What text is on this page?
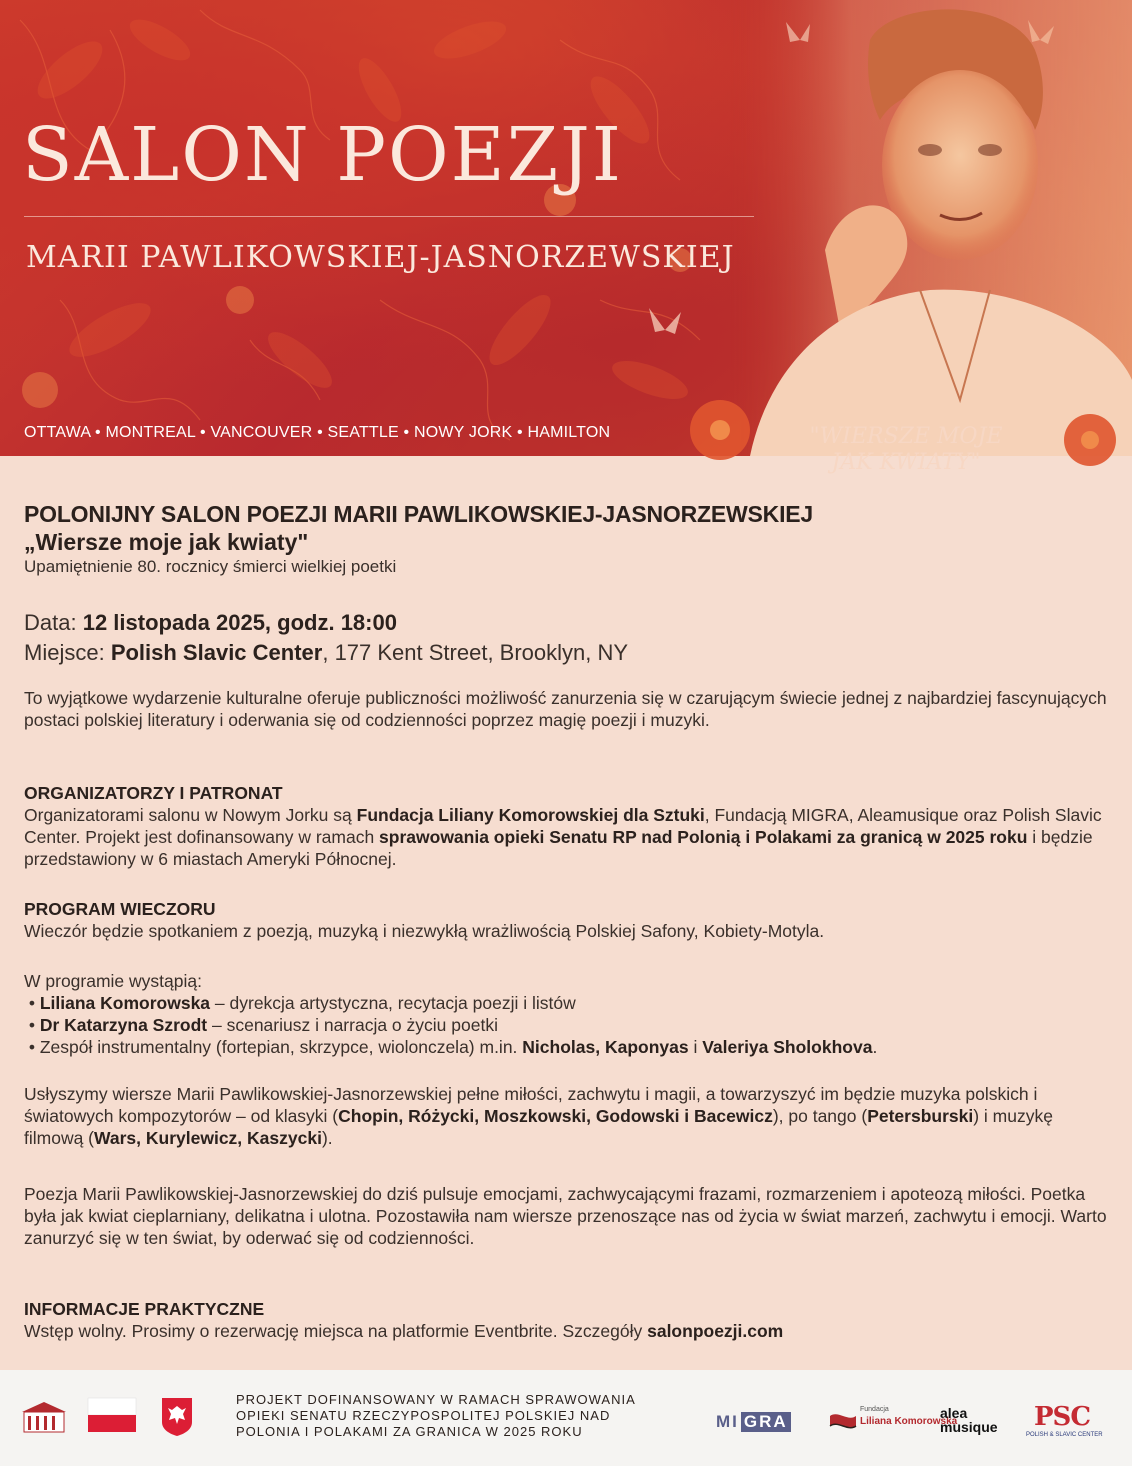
SALON POEZJI
MARII PAWLIKOWSKIEJ-JASNORZEWSKIEJ
OTTAWA • MONTREAL • VANCOUVER • SEATTLE • NOWY JORK • HAMILTON	"WIERSZE MOJE
JAK KWIATY"
POLONIJNY SALON POEZJI MARII PAWLIKOWSKIEJ-JASNORZEWSKIEJ
„Wiersze moje jak kwiaty"
Upamiętnienie 80. rocznicy śmierci wielkiej poetki
Data: 12 listopada 2025, godz. 18:00
Miejsce: Polish Slavic Center, 177 Kent Street, Brooklyn, NY
To wyjątkowe wydarzenie kulturalne oferuje publiczności możliwość zanurzenia się w czarującym świecie jednej z najbardziej fascynujących postaci polskiej literatury i oderwania się od codzienności poprzez magię poezji i muzyki.
ORGANIZATORZY I PATRONAT
Organizatorami salonu w Nowym Jorku są Fundacja Liliany Komorowskiej dla Sztuki, Fundacją MIGRA, Aleamusique oraz Polish Slavic Center. Projekt jest dofinansowany w ramach sprawowania opieki Senatu RP nad Polonią i Polakami za granicą w 2025 roku i będzie przedstawiony w 6 miastach Ameryki Północnej.
PROGRAM WIECZORU
Wieczór będzie spotkaniem z poezją, muzyką i niezwykłą wrażliwością Polskiej Safony, Kobiety-Motyla.
W programie wystąpią:
• Liliana Komorowska – dyrekcja artystyczna, recytacja poezji i listów
• Dr Katarzyna Szrodt – scenariusz i narracja o życiu poetki
• Zespół instrumentalny (fortepian, skrzypce, wiolonczela) m.in. Nicholas, Kaponyas i Valeriya Sholokhova.
Usłyszymy wiersze Marii Pawlikowskiej-Jasnorzewskiej pełne miłości, zachwytu i magii, a towarzyszyć im będzie muzyka polskich i światowych kompozytorów – od klasyki (Chopin, Różycki, Moszkowski, Godowski i Bacewicz), po tango (Petersburski) i muzykę filmową (Wars, Kurylewicz, Kaszycki).
Poezja Marii Pawlikowskiej-Jasnorzewskiej do dziś pulsuje emocjami, zachwycającymi frazami, rozmarzeniem i apoteozą miłości. Poetka była jak kwiat cieplarniany, delikatna i ulotna. Pozostawiła nam wiersze przenoszące nas od życia w świat marzeń, zachwytu i emocji. Warto zanurzyć się w ten świat, by oderwać się od codzienności.
INFORMACJE PRAKTYCZNE
Wstęp wolny. Prosimy o rezerwację miejsca na platformie Eventbrite. Szczegóły salonpoezji.com
PROJEKT DOFINANSOWANY W RAMACH SPRAWOWANIA
OPIEKI SENATU RZECZYPOSPOLITEJ POLSKIEJ NAD
POLONIA I POLAKAMI ZA GRANICA W 2025 ROKU
MI GRA
Fundacja
Liliana Komorowska
alea
musique PSC
POLISH & SLAVIC CENTER
